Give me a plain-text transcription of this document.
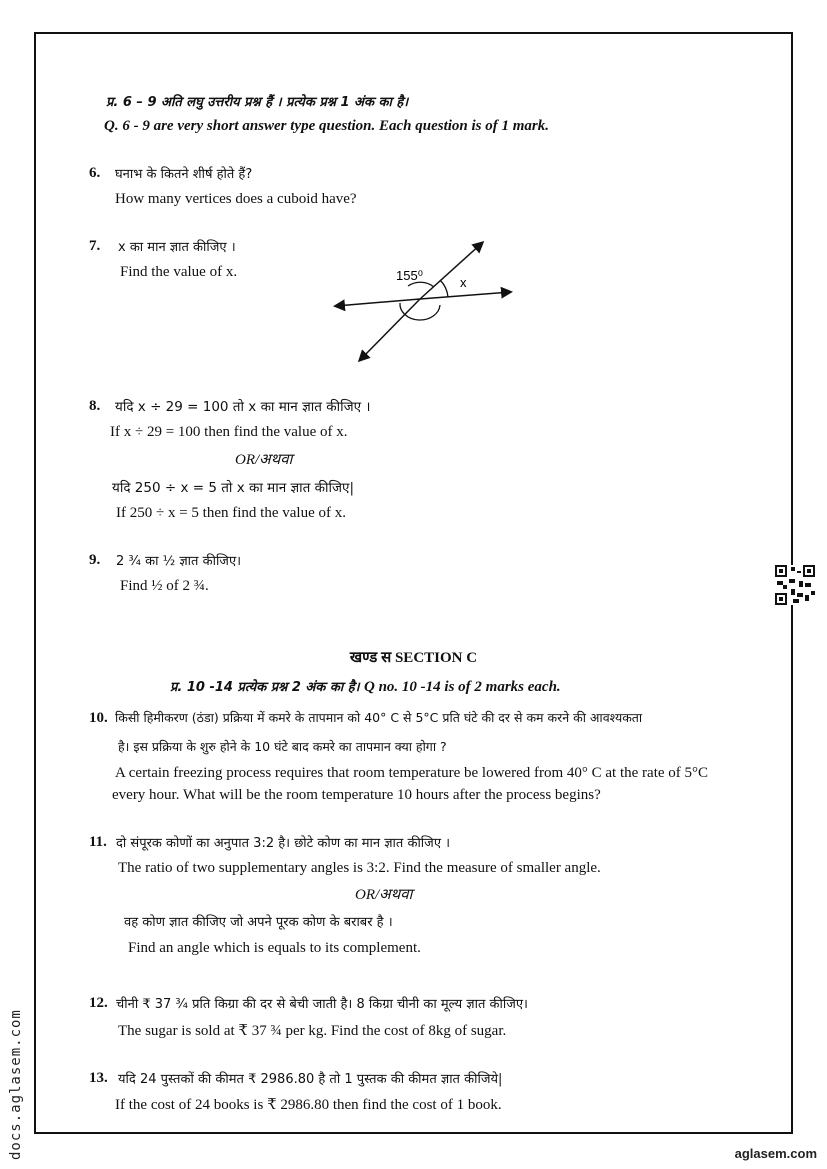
प्र. 6 – 9 अति लघु उत्तरीय प्रश्न हैं । प्रत्येक प्रश्न 1 अंक का है।
Q. 6 - 9 are very short answer type question. Each question is of 1 mark.
6. घनाभ के कितने शीर्ष होते हैं?
How many vertices does a cuboid have?
7. x का मान ज्ञात कीजिए ।
Find the value of x.	155⁰	x
8. यदि x ÷ 29 = 100 तो x का मान ज्ञात कीजिए ।
If x ÷ 29 = 100 then find the value of x.
OR/अथवा
यदि 250 ÷ x = 5 तो x का मान ज्ञात कीजिए|
If 250 ÷ x = 5 then find the value of x.
9. 2 ¾ का ½ ज्ञात कीजिए।
Find ½ of 2 ¾.
खण्ड स SECTION C
प्र. 10 -14 प्रत्येक प्रश्न 2 अंक का है। Q no. 10 -14 is of 2 marks each.
10. किसी हिमीकरण (ठंडा) प्रक्रिया में कमरे के तापमान को 40° C से 5°C प्रति घंटे की दर से कम करने की आवश्यकता
है। इस प्रक्रिया के शुरु होने के 10 घंटे बाद कमरे का तापमान क्या होगा ?
A certain freezing process requires that room temperature be lowered from 40° C at the rate of 5°C
every hour. What will be the room temperature 10 hours after the process begins?
11. दो संपूरक कोणों का अनुपात 3:2 है। छोटे कोण का मान ज्ञात कीजिए ।
The ratio of two supplementary angles is 3:2. Find the measure of smaller angle.
OR/अथवा
वह कोण ज्ञात कीजिए जो अपने पूरक कोण के बराबर है ।
Find an angle which is equals to its complement.
12. चीनी ₹ 37 ¾ प्रति किग्रा की दर से बेची जाती है। 8 किग्रा चीनी का मूल्य ज्ञात कीजिए।
The sugar is sold at ₹ 37 ¾ per kg. Find the cost of 8kg of sugar.
13. यदि 24 पुस्तकों की कीमत ₹ 2986.80 है तो 1 पुस्तक की कीमत ज्ञात कीजिये|
If the cost of 24 books is ₹ 2986.80 then find the cost of 1 book.
docs.aglasem.com	aglasem.com
